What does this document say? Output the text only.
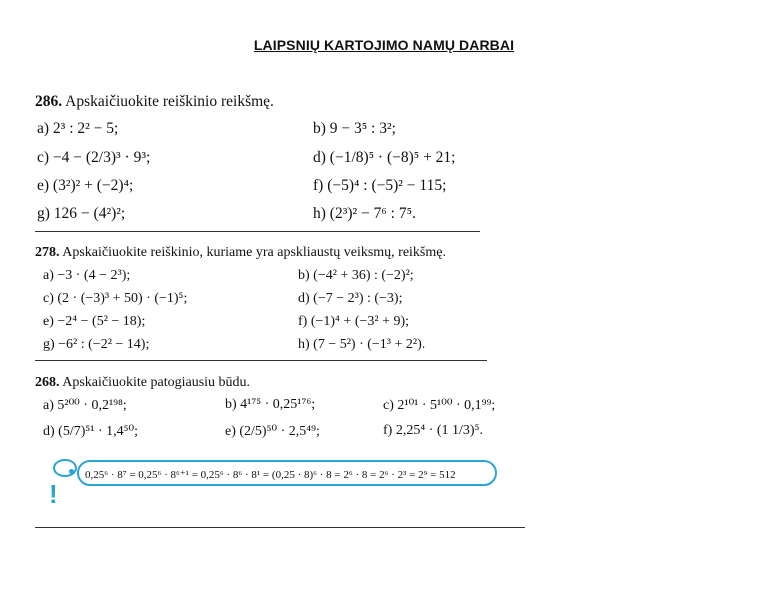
LAIPSNIŲ KARTOJIMO NAMŲ DARBAI
286. Apskaičiuokite reiškinio reikšmę.
a) 2³ : 2² − 5;	b) 9 − 3⁵ : 3²;
c) −4 − (2/3)³ · 9³;	d) (−1/8)⁵ · (−8)⁵ + 21;
e) (3²)² + (−2)⁴;	f) (−5)⁴ : (−5)² − 115;
g) 126 − (4²)²;	h) (2³)² − 7⁶ : 7⁵.
278. Apskaičiuokite reiškinio, kuriame yra apskliaustų veiksmų, reikšmę.
a) −3 · (4 − 2³);	b) (−4² + 36) : (−2)²;
c) (2 · (−3)³ + 50) · (−1)⁵;	d) (−7 − 2³) : (−3);
e) −2⁴ − (5² − 18);	f) (−1)⁴ + (−3² + 9);
g) −6² : (−2² − 14);	h) (7 − 5²) · (−1³ + 2²).
268. Apskaičiuokite patogiausiu būdu.
a) 5²⁰⁰ · 0,2¹⁹⁸;	b) 4¹⁷⁵ · 0,25¹⁷⁶;	c) 2¹⁰¹ · 5¹⁰⁰ · 0,1⁹⁹;
d) (5/7)⁵¹ · 1,4⁵⁰;	e) (2/5)⁵⁰ · 2,5⁴⁹;	f) 2,25⁴ · (1 1/3)⁵.
!
0,25⁶ · 8⁷ = 0,25⁶ · 8⁶⁺¹ = 0,25⁶ · 8⁶ · 8¹ = (0,25 · 8)⁶ · 8 = 2⁶ · 8 = 2⁶ · 2³ = 2⁹ = 512
